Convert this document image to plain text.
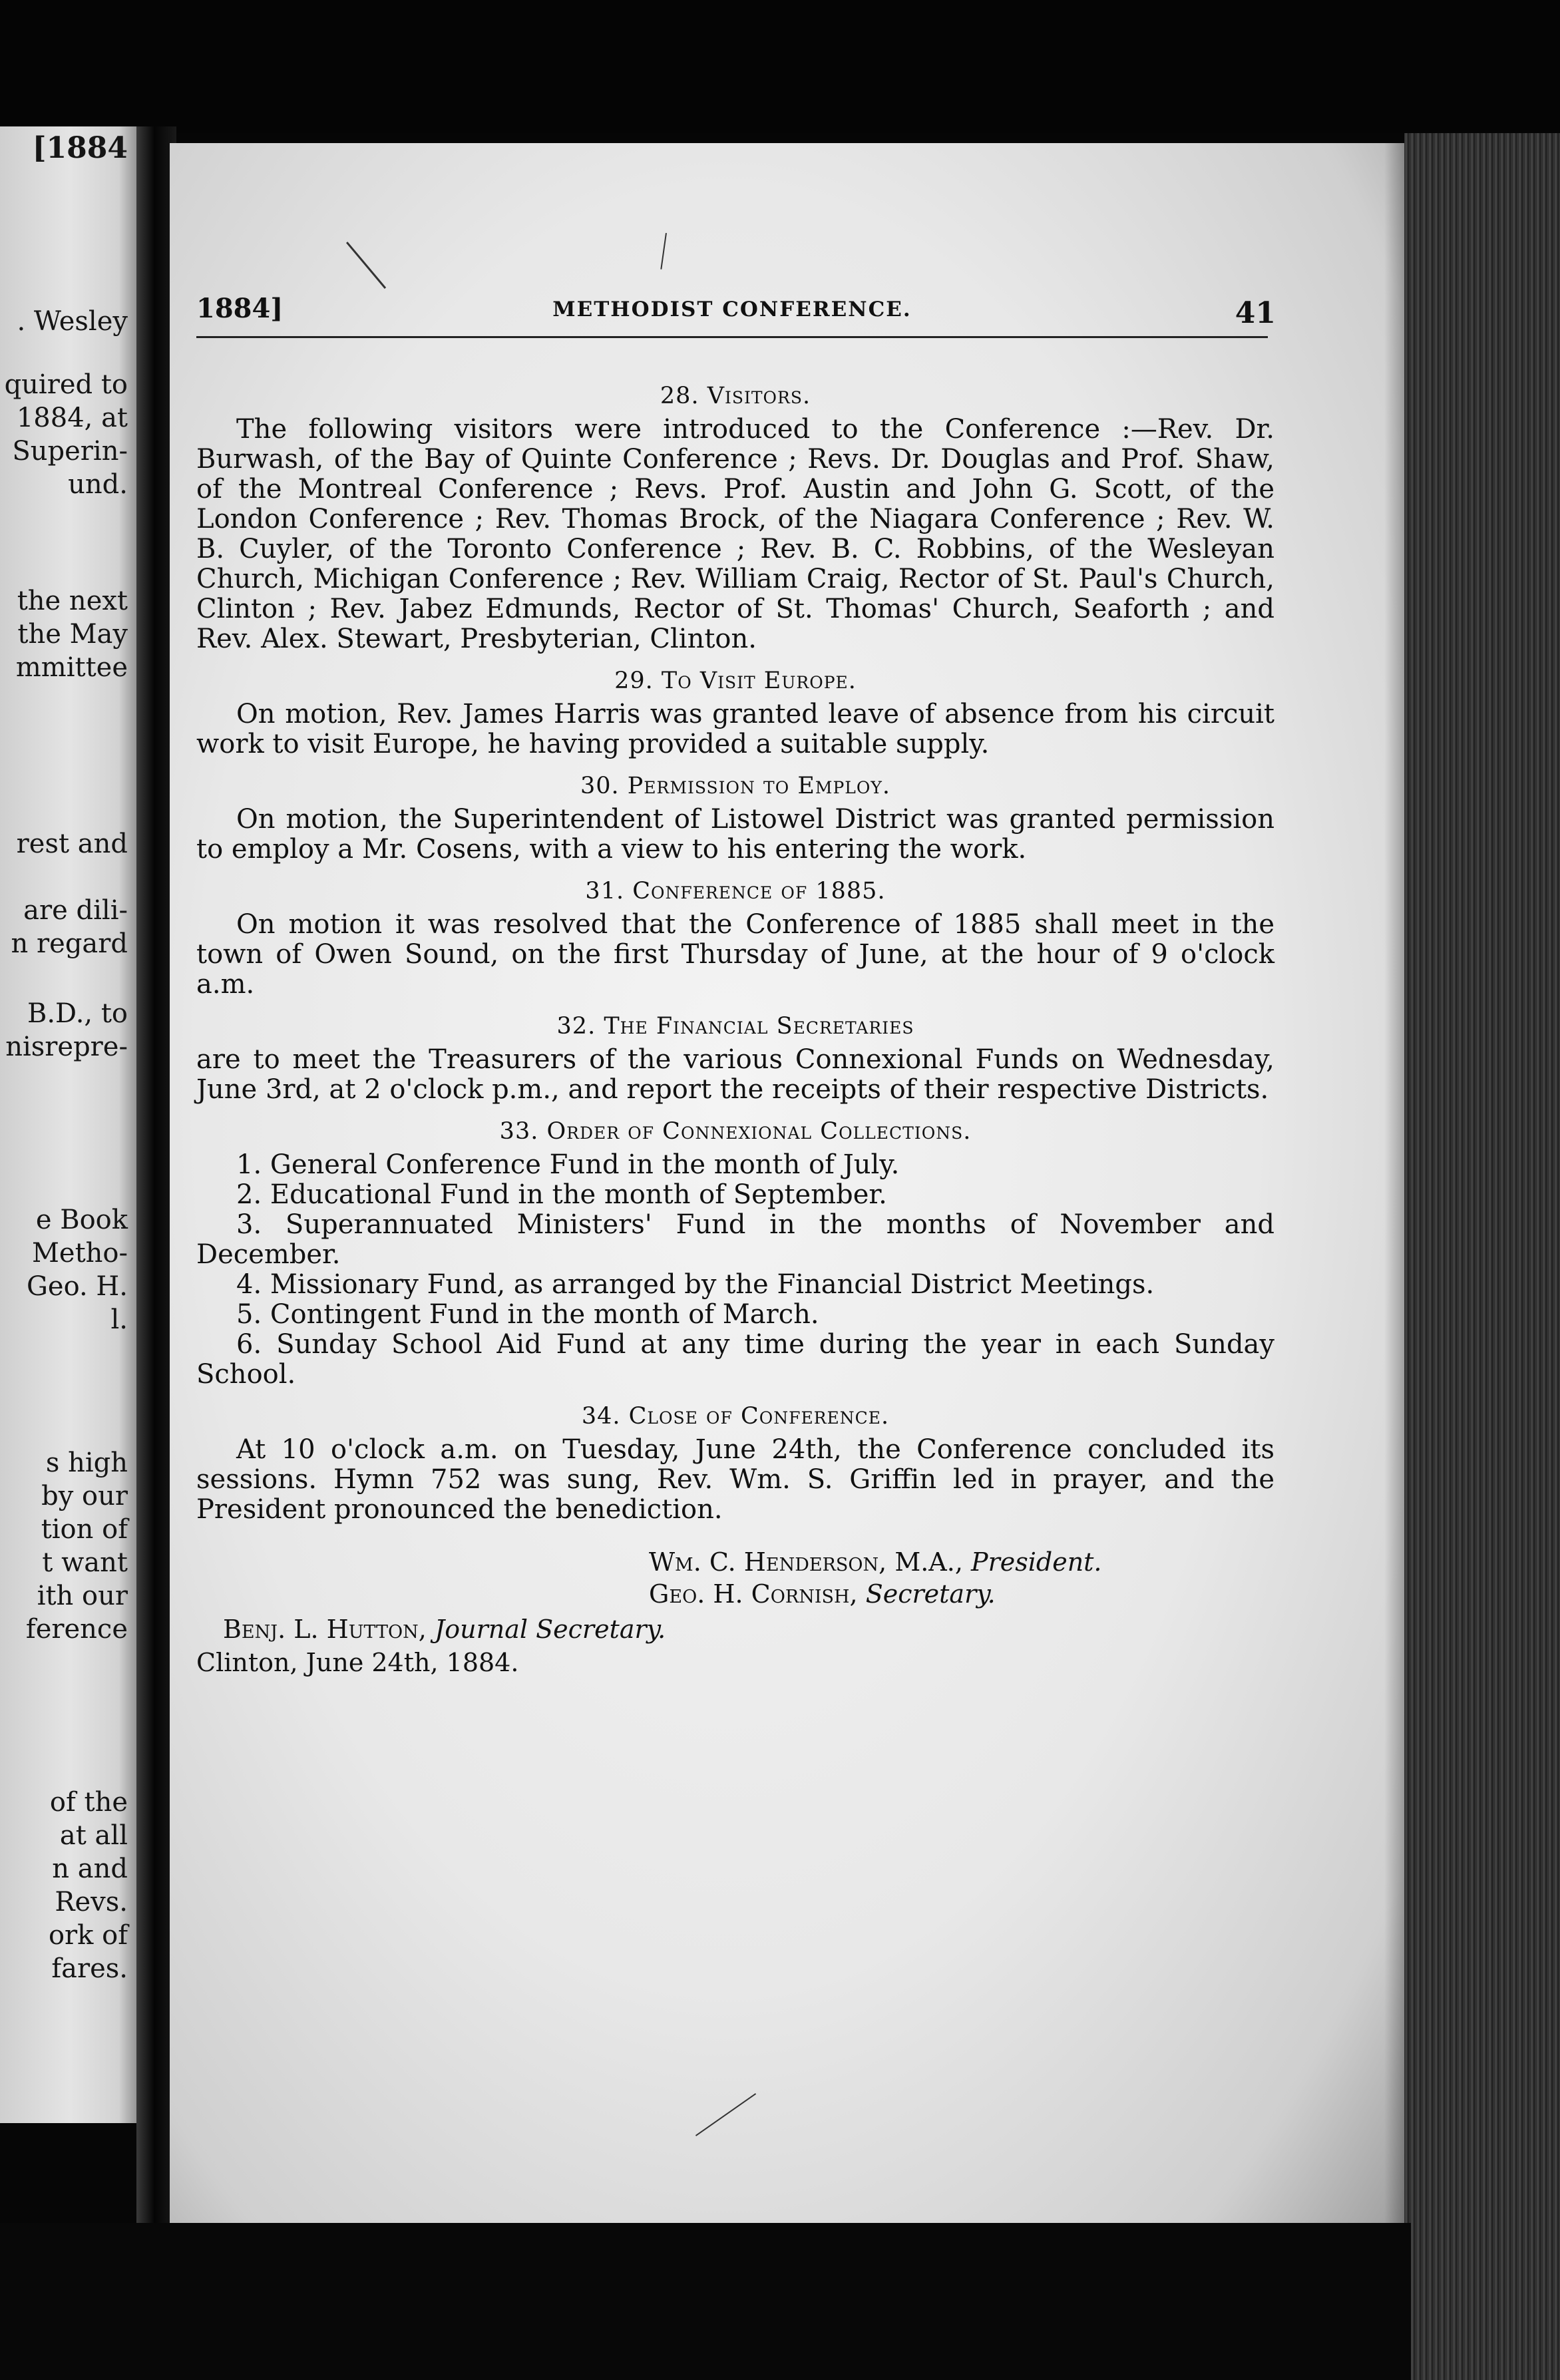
[1884
. Wesley
quired to
1884, at
Superin-
und.
the next
the May
mmittee
rest and
are dili-
n regard
B.D., to
nisrepre-
e Book
Metho-
Geo. H.
l.
s high
by our
tion of
t want
ith our
ference
of the
at all
n and
Revs.
ork of
fares.
1884]	METHODIST CONFERENCE.	41
28. Visitors.

The following visitors were introduced to the Conference :—Rev. Dr. Burwash, of the Bay of Quinte Conference ; Revs. Dr. Douglas and Prof. Shaw, of the Montreal Conference ; Revs. Prof. Austin and John G. Scott, of the London Conference ; Rev. Thomas Brock, of the Niagara Conference ; Rev. W. B. Cuyler, of the Toronto Conference ; Rev. B. C. Robbins, of the Wesleyan Church, Michigan Conference ; Rev. William Craig, Rector of St. Paul's Church, Clinton ; Rev. Jabez Edmunds, Rector of St. Thomas' Church, Seaforth ; and Rev. Alex. Stewart, Presbyterian, Clinton.

29. To Visit Europe.

On motion, Rev. James Harris was granted leave of absence from his circuit work to visit Europe, he having provided a suitable supply.

30. Permission to Employ.

On motion, the Superintendent of Listowel District was granted permission to employ a Mr. Cosens, with a view to his entering the work.

31. Conference of 1885.

On motion it was resolved that the Conference of 1885 shall meet in the town of Owen Sound, on the first Thursday of June, at the hour of 9 o'clock a.m.

32. The Financial Secretaries

are to meet the Treasurers of the various Connexional Funds on Wednesday, June 3rd, at 2 o'clock p.m., and report the receipts of their respective Districts.

33. Order of Connexional Collections.
1. General Conference Fund in the month of July.
2. Educational Fund in the month of September.
3. Superannuated Ministers' Fund in the months of November and December.
4. Missionary Fund, as arranged by the Financial District Meetings.
5. Contingent Fund in the month of March.
6. Sunday School Aid Fund at any time during the year in each Sunday School.
34. Close of Conference.

At 10 o'clock a.m. on Tuesday, June 24th, the Conference concluded its sessions. Hymn 752 was sung, Rev. Wm. S. Griffin led in prayer, and the President pronounced the benediction.

Wm. C. Henderson, M.A., President.
Geo. H. Cornish, Secretary.
Benj. L. Hutton, Journal Secretary.
Clinton, June 24th, 1884.
